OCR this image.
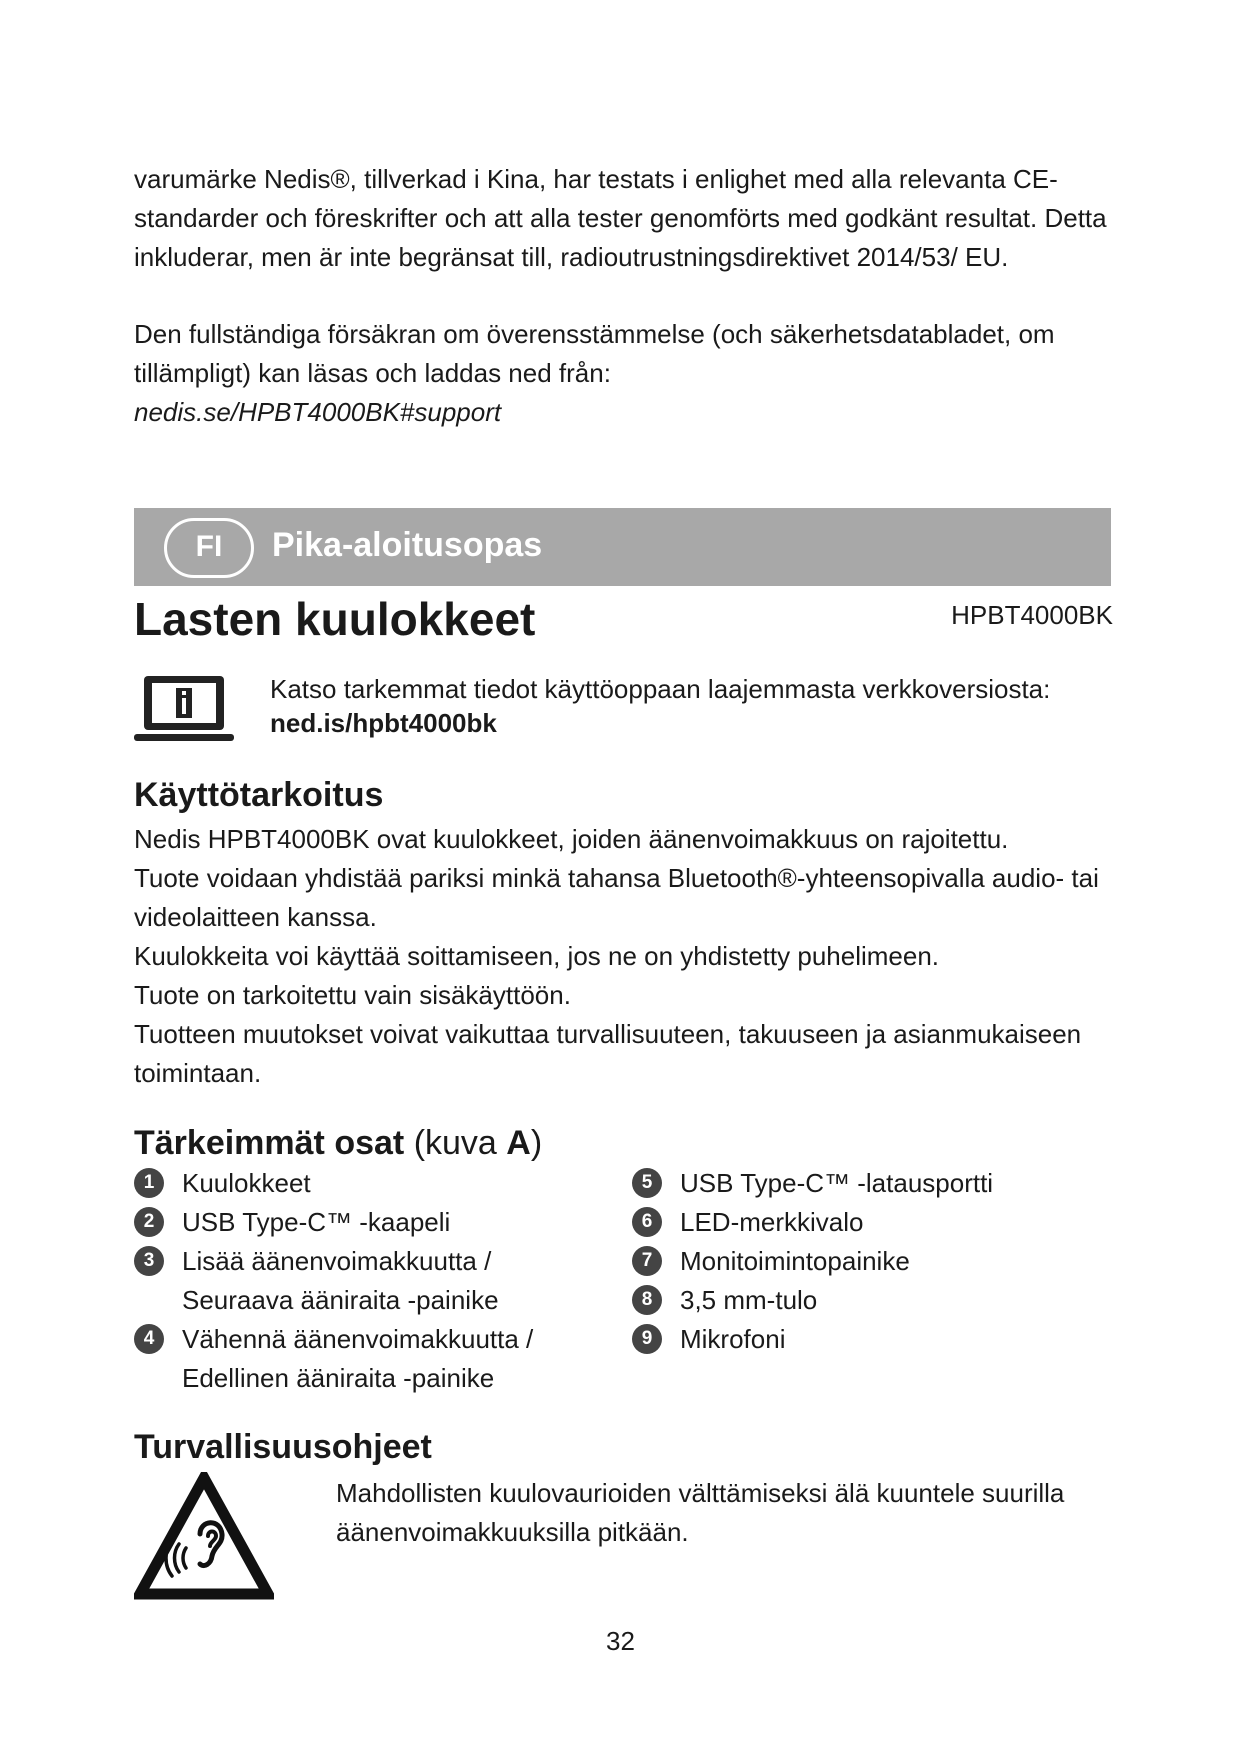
varumärke Nedis®, tillverkad i Kina, har testats i enlighet med alla relevanta CE-standarder och föreskrifter och att alla tester genomförts med godkänt resultat. Detta inkluderar, men är inte begränsat till, radioutrustningsdirektivet 2014/53/ EU.

Den fullständiga försäkran om överensstämmelse (och säkerhetsdatabladet, om tillämpligt) kan läsas och laddas ned från:

nedis.se/HPBT4000BK#support

FI	Pika-aloitusopas
Lasten kuulokkeet	HPBT4000BK
Katso tarkemmat tiedot käyttöoppaan laajemmasta verkkoversiosta:
ned.is/hpbt4000bk
Käyttötarkoitus

Nedis HPBT4000BK ovat kuulokkeet, joiden äänenvoimakkuus on rajoitettu.

Tuote voidaan yhdistää pariksi minkä tahansa Bluetooth®-yhteensopivalla audio- tai videolaitteen kanssa.

Kuulokkeita voi käyttää soittamiseen, jos ne on yhdistetty puhelimeen.

Tuote on tarkoitettu vain sisäkäyttöön.

Tuotteen muutokset voivat vaikuttaa turvallisuuteen, takuuseen ja asianmukaiseen toimintaan.

Tärkeimmät osat (kuva A)
1	Kuulokkeet
2	USB Type-C™ -kaapeli
3	Lisää äänenvoimakkuutta / Seuraava ääniraita -painike
4	Vähennä äänenvoimakkuutta / Edellinen ääniraita -painike
5	USB Type-C™ -latausportti
6	LED-merkkivalo
7	Monitoimintopainike
8	3,5 mm-tulo
9	Mikrofoni
Turvallisuusohjeet
Mahdollisten kuulovaurioiden välttämiseksi älä kuuntele suurilla äänenvoimakkuuksilla pitkään.
32
